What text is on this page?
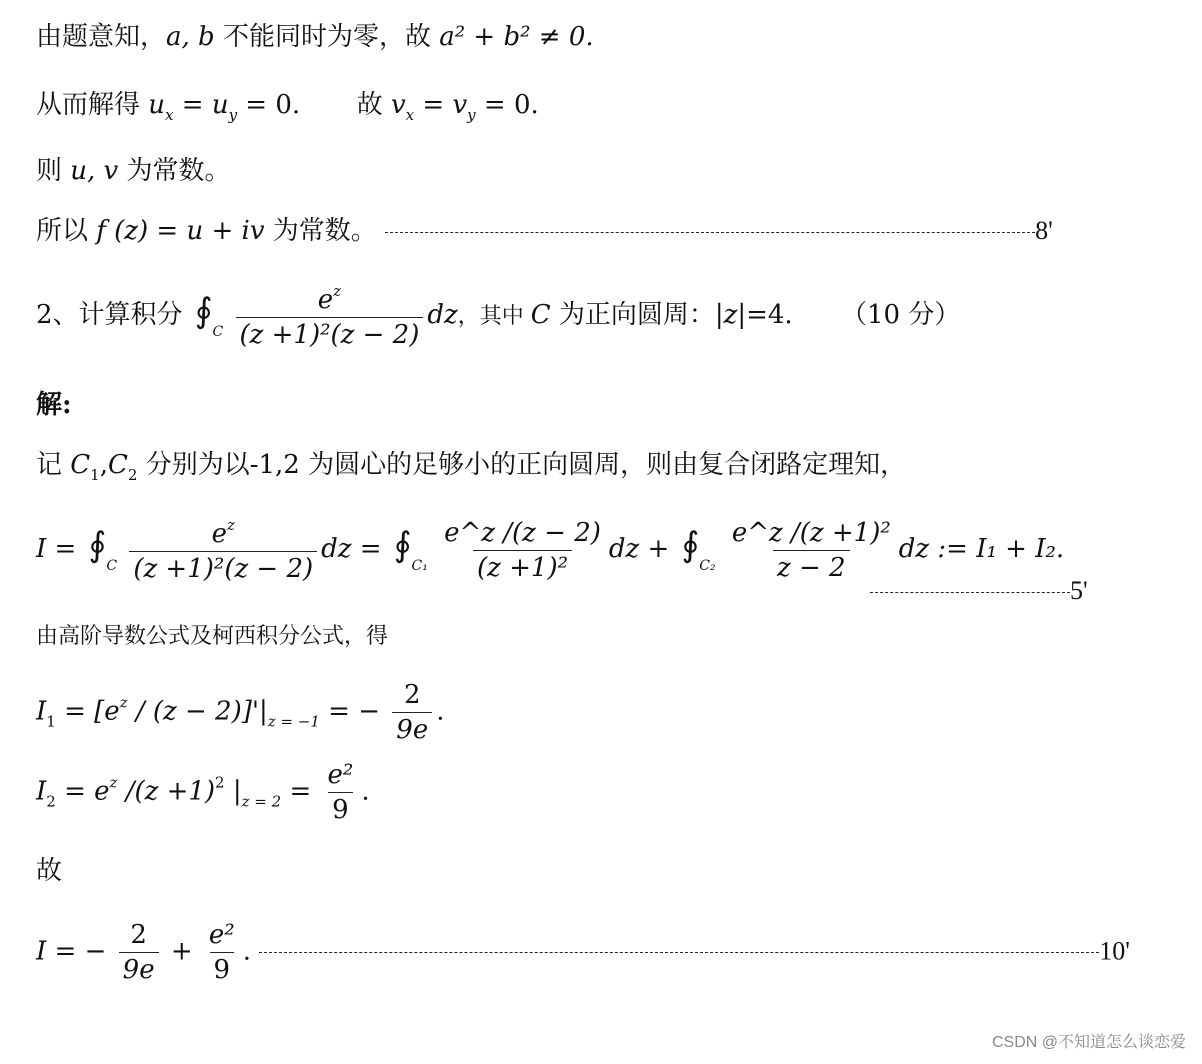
由题意知，a, b 不能同时为零，故 a² + b² ≠ 0.
从而解得 $u_x = u_y = 0$. 故 $v_x = v_y = 0$.
则 u, v 为常数。
所以 f (z) = u + iv 为常数。	8'
2、计算积分 $∮_C \frac{e^z}{\text{(z +1)²(z − 2)}}$ dz，其中 C 为正向圆周：|z|=4. （10 分）
解:
记 $C_1,C_2$ 分别为以-1,2 为圆心的足够小的正向圆周，则由复合闭路定理知，
$I = ∮_C \frac{e^z}{\text{(z +1)²(z − 2)}}$ dz = $∮_{C_1} \frac{e\^{}z /(z - 2)}{\text{(z +1)²}}$ dz + $∮_{C_2} \frac{\text{e\textasciicircum{}z /(z +1)²}}{z - 2}$ dz := I₁ + I₂.
5'
由高阶导数公式及柯西积分公式，得
$I_1 = [e^z / (z - 2)]'|_{z = -1}$ = − $\frac{2}{9e}$ .
$I_2 = e^z$ $/(z +1)^2$ $|_{z = 2} = \frac{\text{e²}}{9}$ .
故
I = − $\frac{2}{9e} + \frac{\text{e²}}{9}$ .	10'
CSDN @不知道怎么谈恋爱
